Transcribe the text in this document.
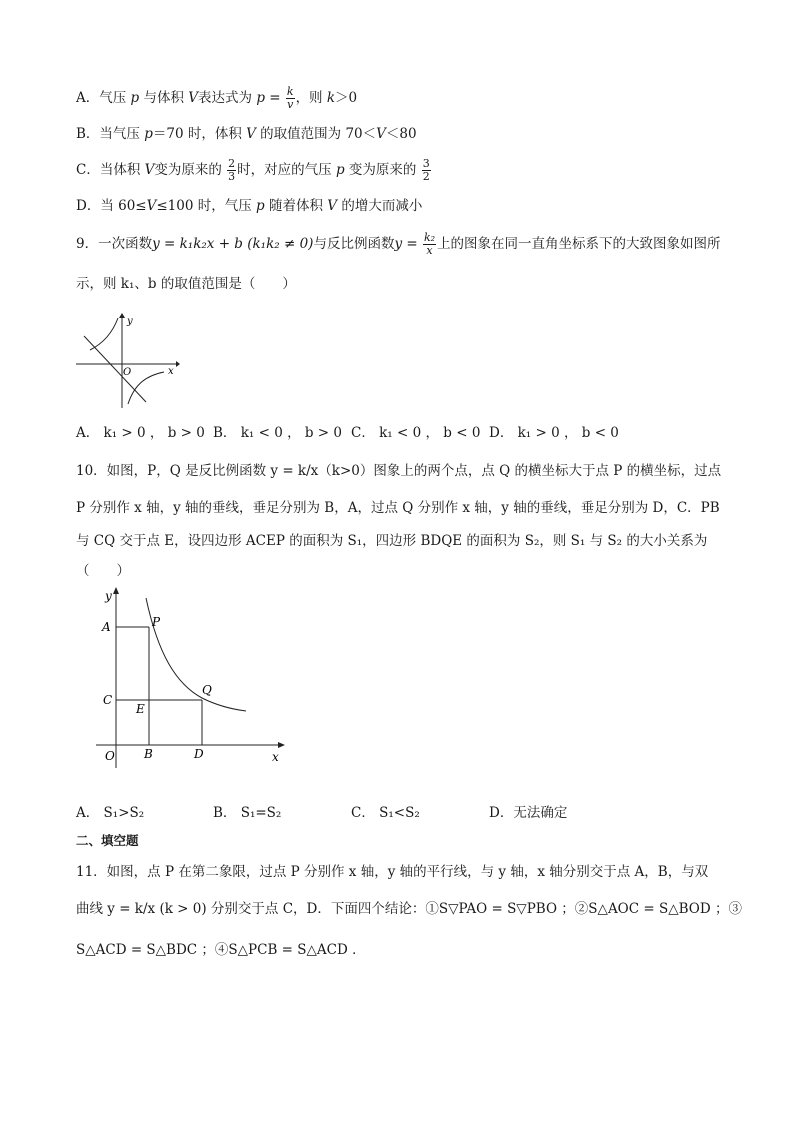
A．气压 p 与体积 V表达式为 $p = \frac{k}{v}$ ，则 k＞0
B．当气压 p＝70 时，体积 V 的取值范围为 70＜V＜80
C．当体积 V变为原来的 $\frac{2}{3}$ 时，对应的气压 p 变为原来的 $\frac{3}{2}$
D．当 60≤V≤100 时，气压 p 随着体积 V 的增大而减小
9．一次函数y = k₁k₂x + b (k₁k₂ ≠ 0)与反比例函数$y = \frac{\text{k₂}}{x}$ 上的图象在同一直角坐标系下的大致图象如图所
示，则 k₁、b 的取值范围是（　　）
y
x
O
A． k₁ > 0 ， b > 0 B． k₁ < 0 ， b > 0 C． k₁ < 0 ， b < 0 D． k₁ > 0 ， b < 0
10．如图，P，Q 是反比例函数 y = k/x（k>0）图象上的两个点，点 Q 的横坐标大于点 P 的横坐标，过点
P 分别作 x 轴，y 轴的垂线，垂足分别为 B，A，过点 Q 分别作 x 轴，y 轴的垂线，垂足分别为 D，C．PB
与 CQ 交于点 E，设四边形 ACEP 的面积为 S₁，四边形 BDQE 的面积为 S₂，则 S₁ 与 S₂ 的大小关系为
（　　）
y
A	P
C
Q
E
O B	D	x
A． S₁>S₂	B． S₁=S₂	C． S₁<S₂	D．无法确定
二、填空题
11．如图，点 P 在第二象限，过点 P 分别作 x 轴，y 轴的平行线，与 y 轴，x 轴分别交于点 A，B，与双
曲线 y = k/x (k > 0) 分别交于点 C，D．下面四个结论：①S▽PAO = S▽PBO ；②S△AOC = S△BOD ；③
S△ACD = S△BDC ；④S△PCB = S△ACD ．
